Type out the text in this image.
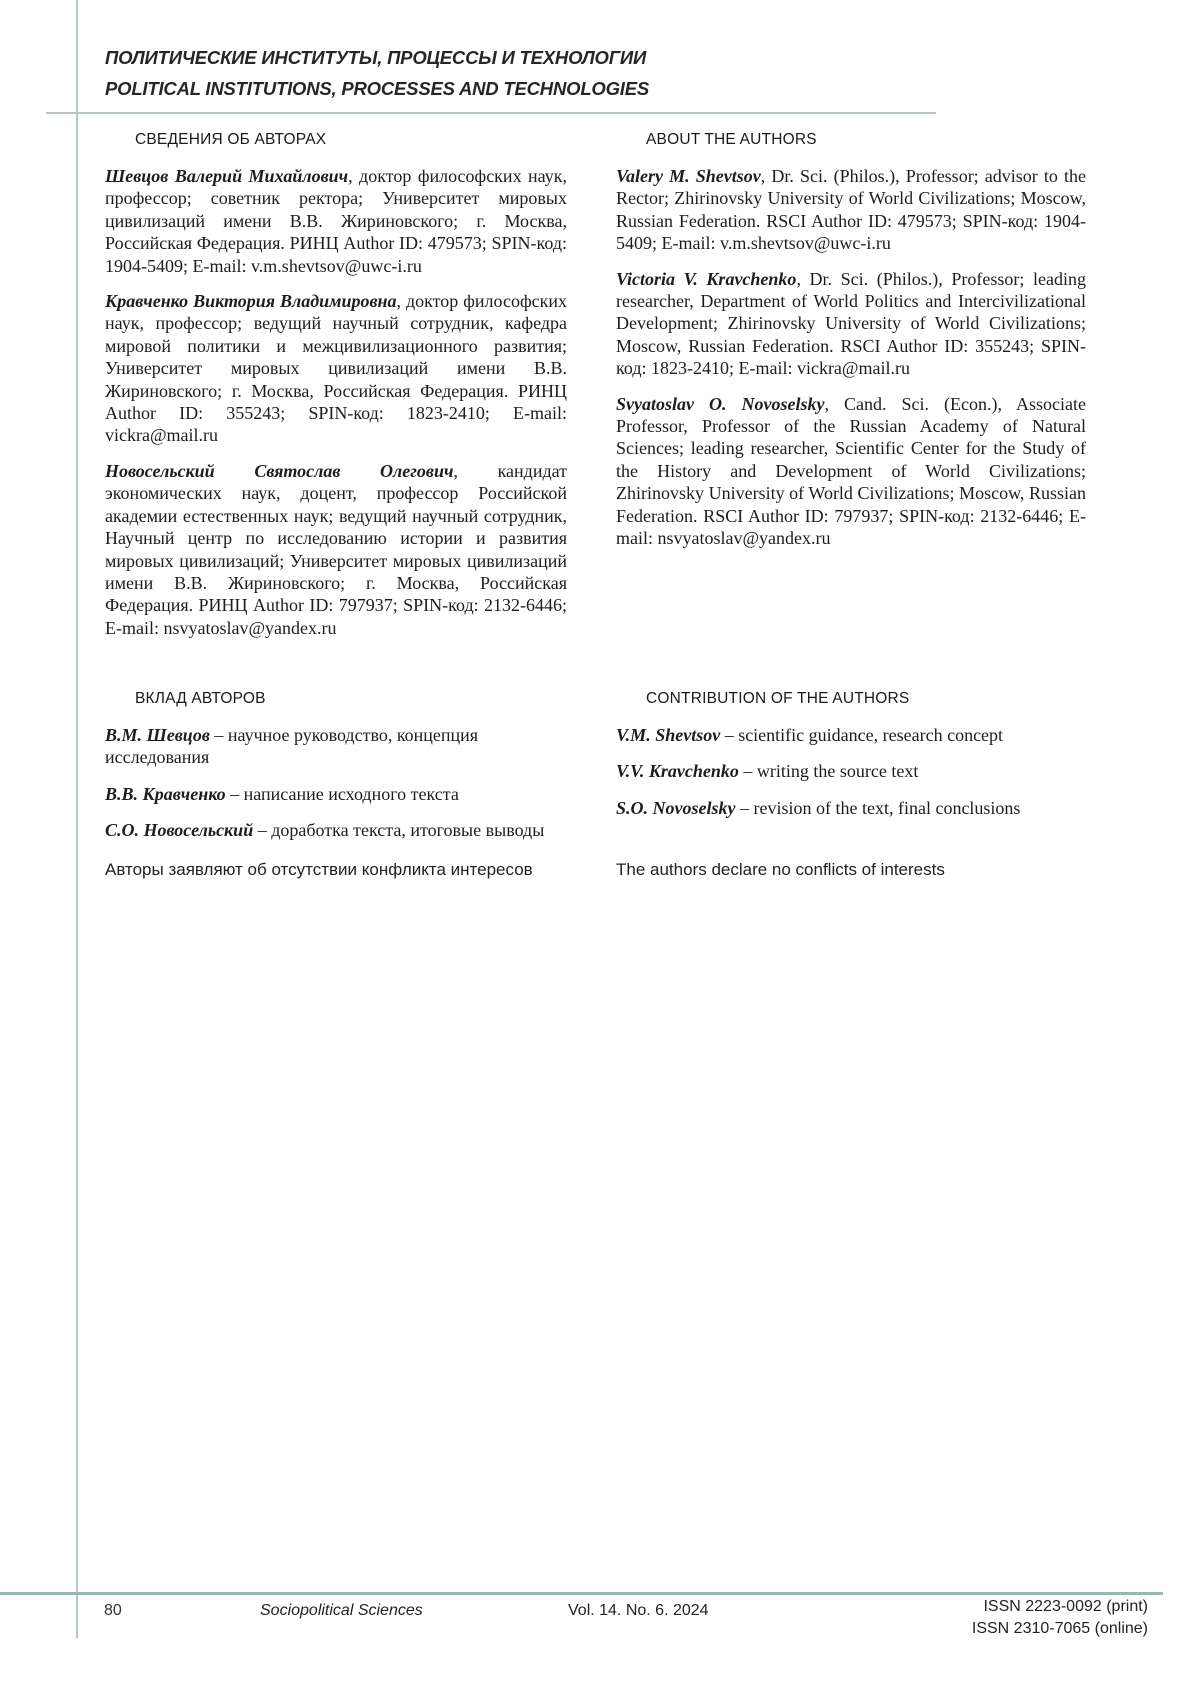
ПОЛИТИЧЕСКИЕ ИНСТИТУТЫ, ПРОЦЕССЫ И ТЕХНОЛОГИИ
POLITICAL INSTITUTIONS, PROCESSES AND TECHNOLOGIES
СВЕДЕНИЯ ОБ АВТОРАХ

Шевцов Валерий Михайлович, доктор философских наук, профессор; советник ректора; Университет мировых цивилизаций имени В.В. Жириновского; г. Москва, Российская Федерация. РИНЦ Author ID: 479573; SPIN-код: 1904-5409; E-mail: v.m.shevtsov@uwc-i.ru

Кравченко Виктория Владимировна, доктор философских наук, профессор; ведущий научный сотрудник, кафедра мировой политики и межцивилизационного развития; Университет мировых цивилизаций имени В.В. Жириновского; г. Москва, Российская Федерация. РИНЦ Author ID: 355243; SPIN-код: 1823-2410; E-mail: vickra@mail.ru

Новосельский Святослав Олегович, кандидат экономических наук, доцент, профессор Российской академии естественных наук; ведущий научный сотрудник, Научный центр по исследованию истории и развития мировых цивилизаций; Университет мировых цивилизаций имени В.В. Жириновского; г. Москва, Российская Федерация. РИНЦ Author ID: 797937; SPIN-код: 2132-6446; E-mail: nsvyatoslav@yandex.ru

ABOUT THE AUTHORS

Valery M. Shevtsov, Dr. Sci. (Philos.), Professor; advisor to the Rector; Zhirinovsky University of World Civilizations; Moscow, Russian Federation. RSCI Author ID: 479573; SPIN-код: 1904-5409; E-mail: v.m.shevtsov@uwc-i.ru

Victoria V. Kravchenko, Dr. Sci. (Philos.), Professor; leading researcher, Department of World Politics and Intercivilizational Development; Zhirinovsky University of World Civilizations; Moscow, Russian Federation. RSCI Author ID: 355243; SPIN-код: 1823-2410; E-mail: vickra@mail.ru

Svyatoslav O. Novoselsky, Cand. Sci. (Econ.), Associate Professor, Professor of the Russian Academy of Natural Sciences; leading researcher, Scientific Center for the Study of the History and Development of World Civilizations; Zhirinovsky University of World Civilizations; Moscow, Russian Federation. RSCI Author ID: 797937; SPIN-код: 2132-6446; E-mail: nsvyatoslav@yandex.ru

ВКЛАД АВТОРОВ

В.М. Шевцов – научное руководство, концепция исследования

В.В. Кравченко – написание исходного текста

С.О. Новосельский – доработка текста, итоговые выводы

CONTRIBUTION OF THE AUTHORS

V.M. Shevtsov – scientific guidance, research concept

V.V. Kravchenko – writing the source text

S.O. Novoselsky – revision of the text, final conclusions

Авторы заявляют об отсутствии конфликта интересов	The authors declare no conflicts of interests
80	Sociopolitical Sciences	Vol. 14. No. 6. 2024	ISSN 2223-0092 (print)
ISSN 2310-7065 (online)
